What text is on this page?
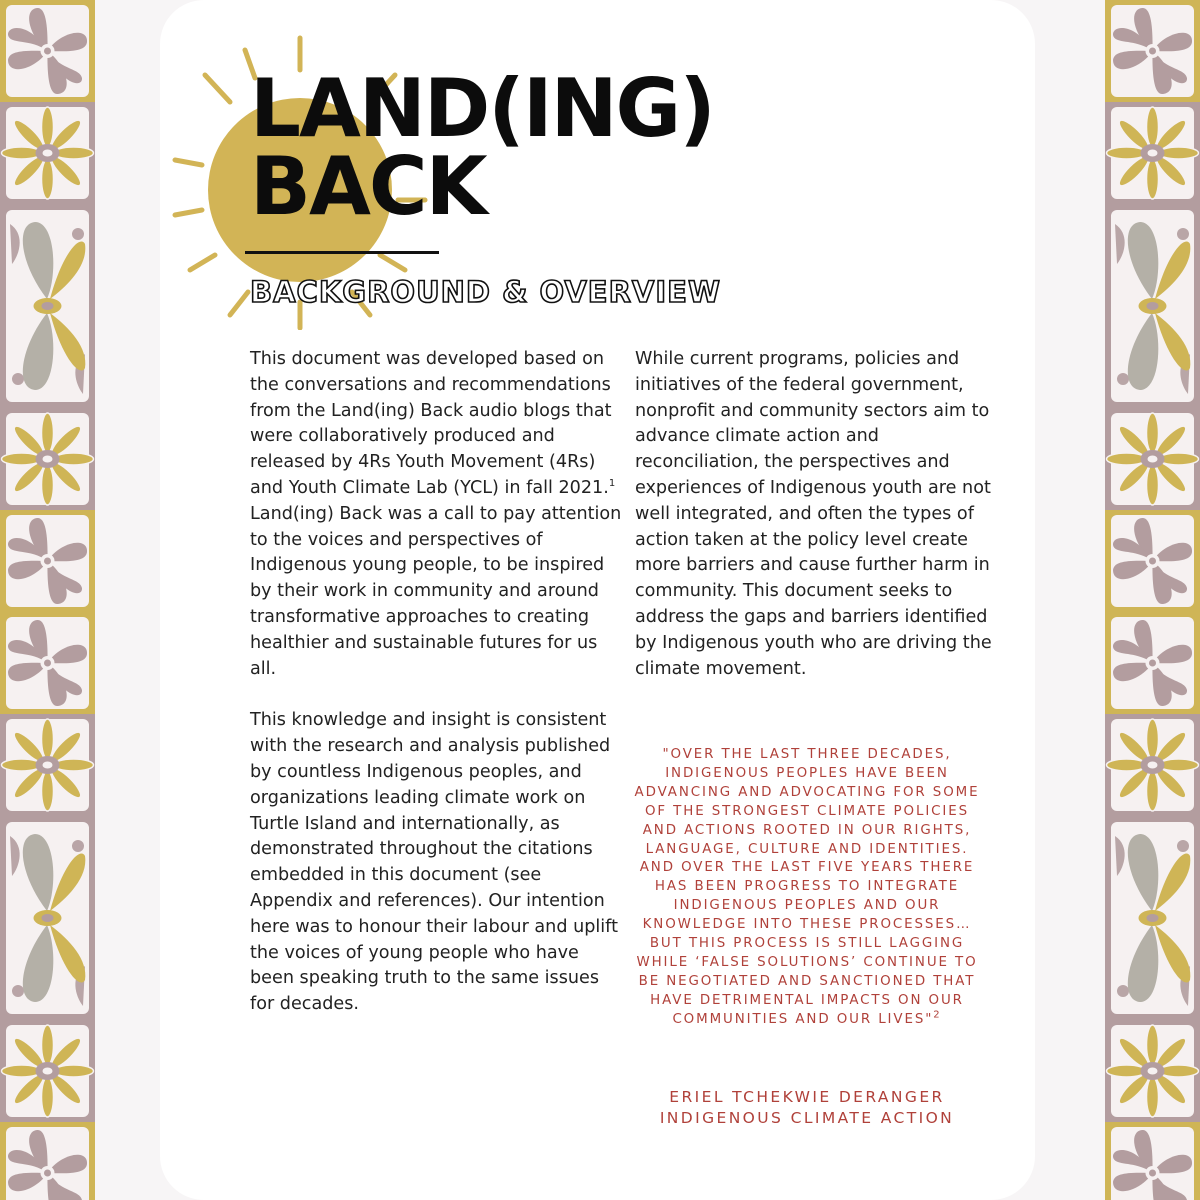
LAND(ING)
BACK
BACKGROUND & OVERVIEW

This document was developed based on the conversations and recommendations from the Land(ing) Back audio blogs that were collaboratively produced and released by 4Rs Youth Movement (4Rs) and Youth Climate Lab (YCL) in fall 2021.$^1$ Land(ing) Back was a call to pay attention to the voices and perspectives of Indigenous young people, to be inspired by their work in community and around transformative approaches to creating healthier and sustainable futures for us all.

This knowledge and insight is consistent with the research and analysis published by countless Indigenous peoples, and organizations leading climate work on Turtle Island and internationally, as demonstrated throughout the citations embedded in this document (see Appendix and references). Our intention here was to honour their labour and uplift the voices of young people who have been speaking truth to the same issues for decades.

While current programs, policies and initiatives of the federal government, nonprofit and community sectors aim to advance climate action and reconciliation, the perspectives and experiences of Indigenous youth are not well integrated, and often the types of action taken at the policy level create more barriers and cause further harm in community. This document seeks to address the gaps and barriers identified by Indigenous youth who are driving the climate movement.

"OVER THE LAST THREE DECADES, INDIGENOUS PEOPLES HAVE BEEN ADVANCING AND ADVOCATING FOR SOME OF THE STRONGEST CLIMATE POLICIES AND ACTIONS ROOTED IN OUR RIGHTS, LANGUAGE, CULTURE AND IDENTITIES. AND OVER THE LAST FIVE YEARS THERE HAS BEEN PROGRESS TO INTEGRATE INDIGENOUS PEOPLES AND OUR KNOWLEDGE INTO THESE PROCESSES… BUT THIS PROCESS IS STILL LAGGING WHILE ‘FALSE SOLUTIONS’ CONTINUE TO BE NEGOTIATED AND SANCTIONED THAT HAVE DETRIMENTAL IMPACTS ON OUR COMMUNITIES AND OUR LIVES"$^2$

ERIEL TCHEKWIE DERANGER
INDIGENOUS CLIMATE ACTION
